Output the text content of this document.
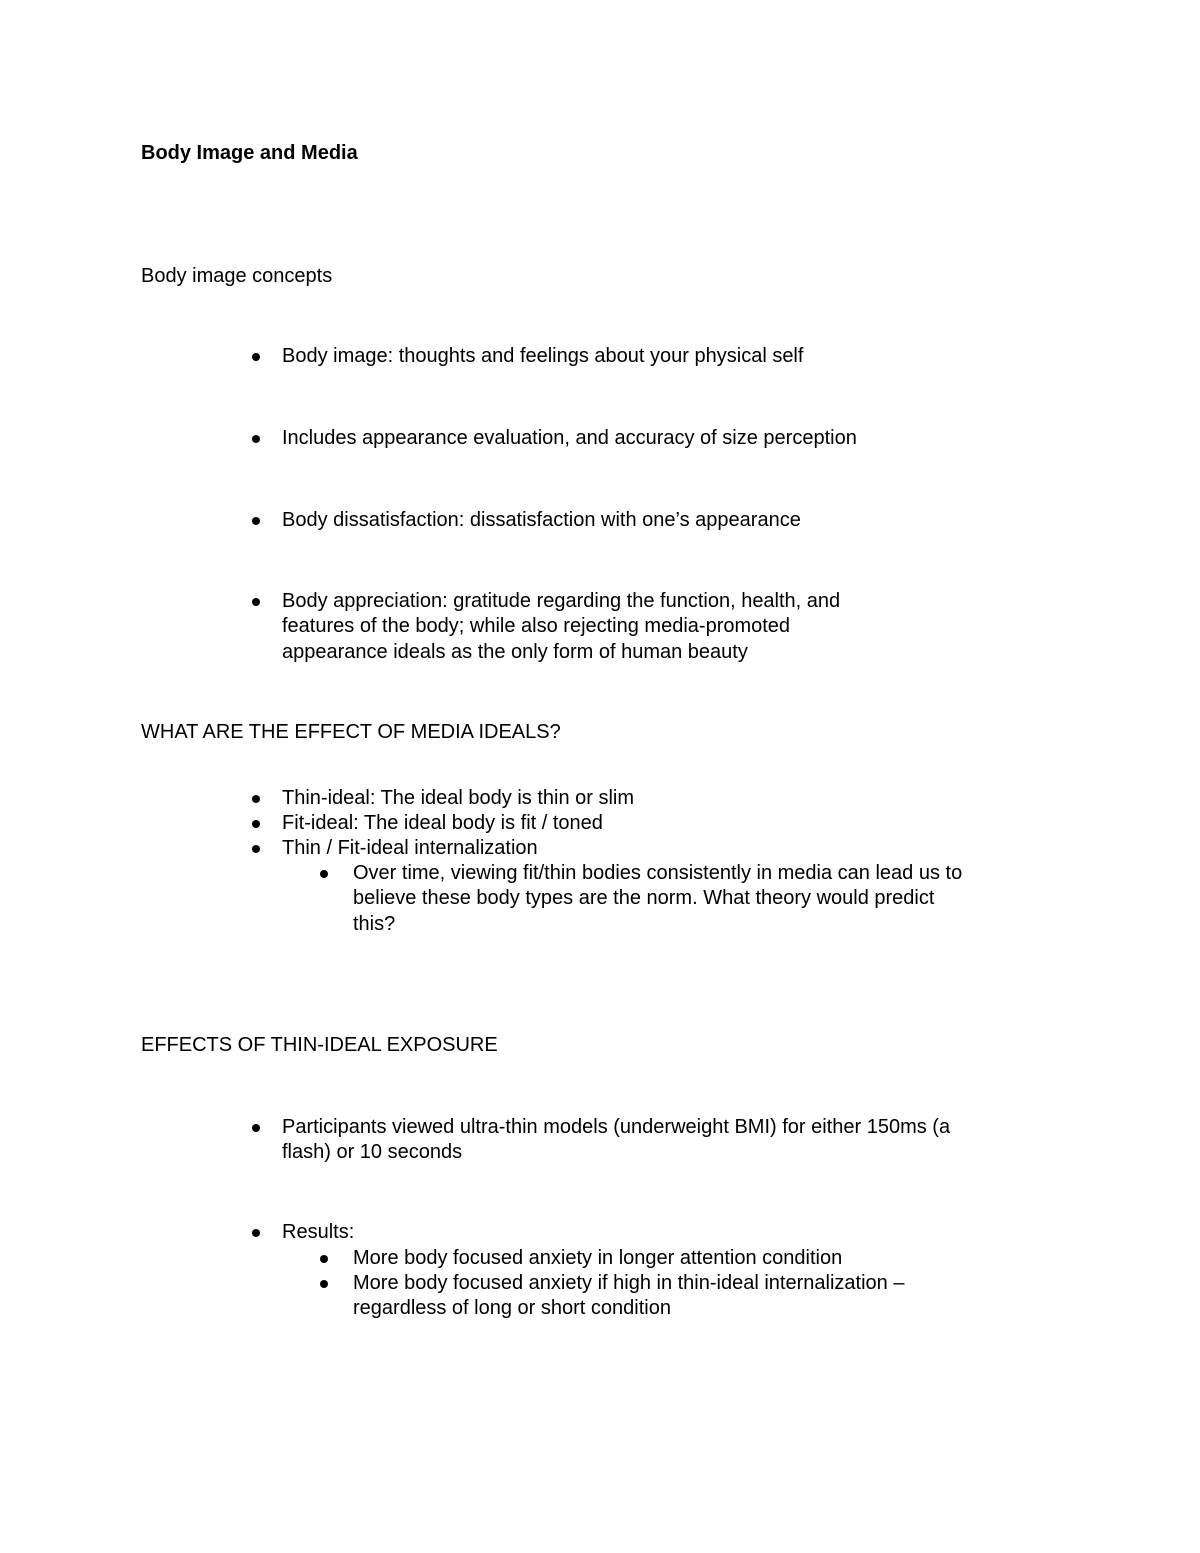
Body Image and Media
Body image concepts
Body image: thoughts and feelings about your physical self
Includes appearance evaluation, and accuracy of size perception
Body dissatisfaction: dissatisfaction with one’s appearance
Body appreciation: gratitude regarding the function, health, and
features of the body; while also rejecting media-promoted
appearance ideals as the only form of human beauty
WHAT ARE THE EFFECT OF MEDIA IDEALS?
Thin-ideal: The ideal body is thin or slim
Fit-ideal: The ideal body is fit / toned
Thin / Fit-ideal internalization
Over time, viewing fit/thin bodies consistently in media can lead us to
believe these body types are the norm. What theory would predict
this?
EFFECTS OF THIN-IDEAL EXPOSURE
Participants viewed ultra-thin models (underweight BMI) for either 150ms (a
flash) or 10 seconds
Results:
More body focused anxiety in longer attention condition
More body focused anxiety if high in thin-ideal internalization –
regardless of long or short condition
